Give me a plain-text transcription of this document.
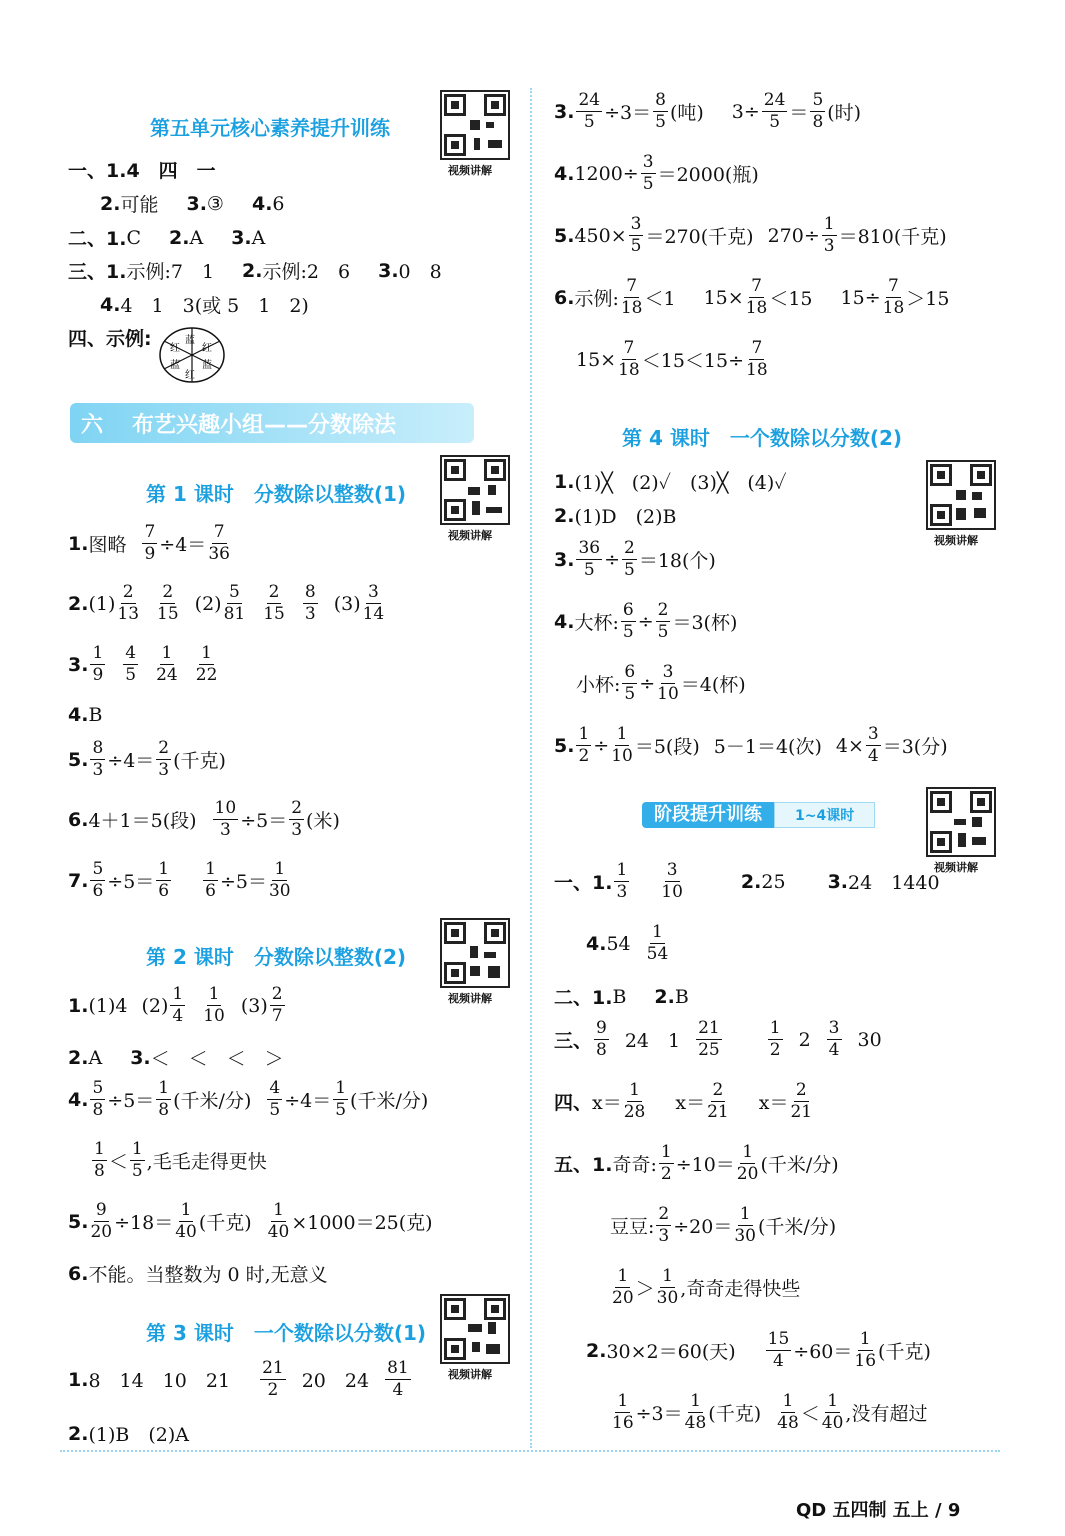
第五单元核心素养提升训练
视频讲解
一、1.4　四　一
2. 可能 3. ③ 4. 6
二、1. C 2. A 3. A
三、1. 示例:7　1 2. 示例:2　6 3. 0　8
4. 4　1　3(或 5　1　2)
四、示例:	蓝
红
蓝
红
蓝
红
六	布艺兴趣小组——分数除法
第 1 课时　分数除以整数(1)
视频讲解
1. 图略 $\frac{7}{9} \div 4=$
7
36
2. (1)
2
13
2
15 (2)
5
81
2
15
8
3 (3)
3
14
3.
1
9
4
5
1
24
1
22
4. B
5. $\frac{8}{3} \div 4=$
2
3 (千克)
6. 4＋1＝5(段) $\frac{10}{3} \div 5=$
2
3 (米)
7. $\frac{5}{6} \div 5=$
1
$6 \frac{1}{6} \div 5=$
1
30
第 2 课时　分数除以整数(2)
视频讲解
1. (1)4 (2)
1
4
1
10 (3)
2
7
2. A 3. ＜　＜　＜　＞
4. $\frac{5}{8} \div 5=$
1
8 (千米/分) $\frac{4}{5} \div 4=$
1
5 (千米/分)
1
8 ＜
1
5 ,毛毛走得更快
5. $\frac{9}{20} \div 18=$
1
40 (千克) $\frac{1}{40} \times 1000=25$(克)
6. 不能。当整数为 0 时,无意义
第 3 课时　一个数除以分数(1)
视频讲解
1. 8　14　10　21
21
2 20　24
81
4
2. (1)B　(2)A
3. $\frac{24}{5} \div 3=$
8
5 (吨) $3\div \frac{24}{5}$ ＝
5
8 (时)
4. $1200\div \frac{3}{5} =2000$(瓶)
5. $450\times \frac{3}{5} =270$(千克) $270\div \frac{1}{3} =810$(千克)
6. 示例:
7
18 ＜1 $15\times \frac{7}{18} <15$ $15\div \frac{7}{18} >15$
$15\times \frac{7}{18} <15<15\div \frac{7}{18}$
第 4 课时　一个数除以分数(2)
视频讲解
1. (1)╳　(2)✓　(3)╳　(4)✓
2. (1)D　(2)B
3. $\frac{36}{5} \div \frac{2}{5} =18$(个)
4. 大杯: $\frac{6}{5} \div \frac{2}{5} =3$(杯)
小杯: $\frac{6}{5} \div \frac{3}{10} =4$(杯)
5. $\frac{1}{2} \div \frac{1}{10} =5$(段) 5－1＝4(次) $4\times \frac{3}{4} =3$(分)
阶段提升训练	1~4课时
视频讲解
一、1.
1
3
3
10	2. 25 3. 24　1440
4. 54
1
54
二、1. B 2. B
三、
9
8 24　1
21
25
1
2 2
3
4 30
四、 x＝
1
28 x＝
2
21 x＝
2
21
五、1. 奇奇: $\frac{1}{2} \div 10=$
1
20 (千米/分)
豆豆: $\frac{2}{3} \div 20=$
1
30 (千米/分)
1
20 ＞
1
30 ,奇奇走得快些
2. 30×2＝60(天) $\frac{15}{4} \div 60=$
1
16 (千克)
$\frac{1}{16} \div 3=$
1
48 (千克)
1
48 ＜
1
40 ,没有超过
QD 五四制 五上 / 9
